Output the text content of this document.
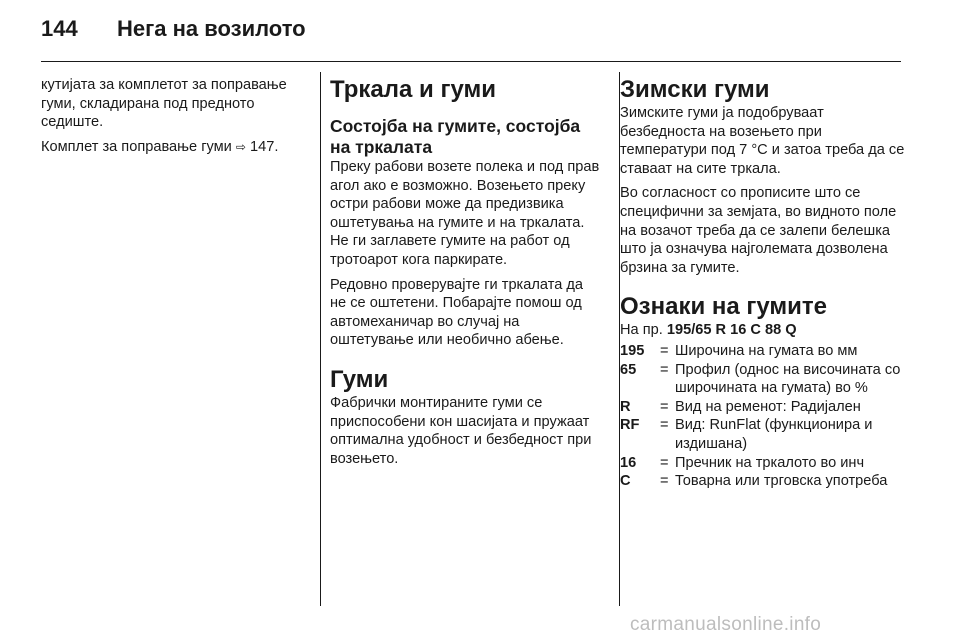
144 Нега на возилото

кутијата за комплетот за поправање гуми, складирана под предното седиште.

Комплет за поправање гуми ⇨ 147.

Тркала и гуми
Состојба на гумите, состојба на тркалата

Преку рабови возете полека и под прав агол ако е возможно. Возењето преку остри рабови може да предизвика оштетувања на гумите и на тркалата. Не ги заглавете гумите на работ од тротоарот кога паркирате.

Редовно проверувајте ги тркалата да не се оштетени. Побарајте помош од автомеханичар во случај на оштетување или необично абење.

Гуми

Фабрички монтираните гуми се приспособени кон шасијата и пружаат оптимална удобност и безбедност при возењето.

Зимски гуми

Зимските гуми ја подобруваат безбедноста на возењето при температури под 7 °C и затоа треба да се ставаат на сите тркала.

Во согласност со прописите што се специфични за земјата, во видното поле на возачот треба да се залепи белешка што ја означува најголемата дозволена брзина за гумите.

Ознаки на гумите

На пр. 195/65 R 16 C 88 Q

195	= Широчина на гумата во мм
65	= Профил (однос на височината со широчината на гумата) во %
R	= Вид на ременот: Радијален
RF	= Вид: RunFlat (функционира и издишана)
16	= Пречник на тркалото во инч
C	= Товарна или трговска употреба
carmanualsonline.info
